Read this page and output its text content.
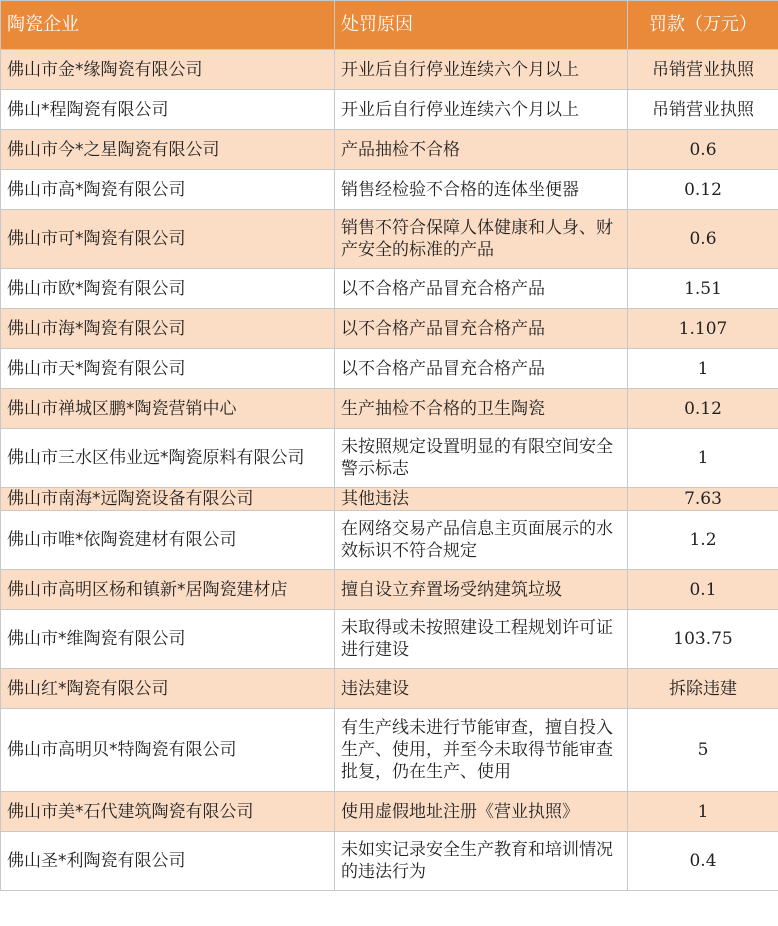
陶瓷企业	处罚原因	罚款（万元）
佛山市金*缘陶瓷有限公司	开业后自行停业连续六个月以上	吊销营业执照
佛山*程陶瓷有限公司	开业后自行停业连续六个月以上	吊销营业执照
佛山市今*之星陶瓷有限公司	产品抽检不合格	0.6
佛山市高*陶瓷有限公司	销售经检验不合格的连体坐便器	0.12
佛山市可*陶瓷有限公司	销售不符合保障人体健康和人身、财产安全的标准的产品	0.6
佛山市欧*陶瓷有限公司	以不合格产品冒充合格产品	1.51
佛山市海*陶瓷有限公司	以不合格产品冒充合格产品	1.107
佛山市天*陶瓷有限公司	以不合格产品冒充合格产品	1
佛山市禅城区鹏*陶瓷营销中心	生产抽检不合格的卫生陶瓷	0.12
佛山市三水区伟业远*陶瓷原料有限公司	未按照规定设置明显的有限空间安全警示标志	1
佛山市南海*远陶瓷设备有限公司	其他违法	7.63
佛山市唯*依陶瓷建材有限公司	在网络交易产品信息主页面展示的水效标识不符合规定	1.2
佛山市高明区杨和镇新*居陶瓷建材店	擅自设立弃置场受纳建筑垃圾	0.1
佛山市*维陶瓷有限公司	未取得或未按照建设工程规划许可证进行建设	103.75
佛山红*陶瓷有限公司	违法建设	拆除违建
佛山市高明贝*特陶瓷有限公司	有生产线未进行节能审查，擅自投入生产、使用，并至今未取得节能审查批复，仍在生产、使用	5
佛山市美*石代建筑陶瓷有限公司	使用虚假地址注册《营业执照》	1
佛山圣*利陶瓷有限公司	未如实记录安全生产教育和培训情况的违法行为	0.4
